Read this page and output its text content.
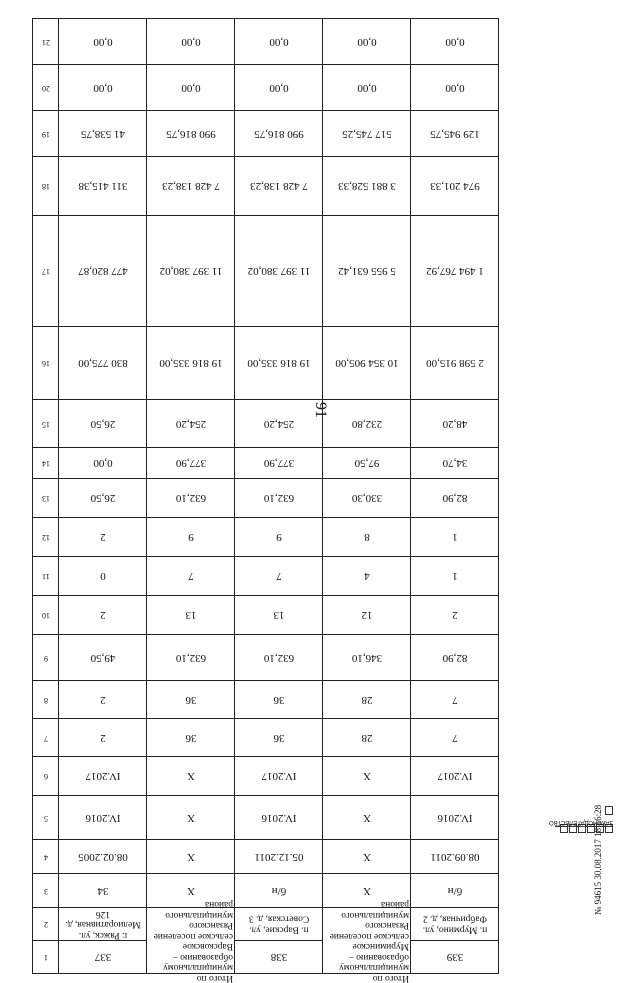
91
21	0,00	0,00	0,00	0,00	0,00

20	0,00	0,00	0,00	0,00	0,00

19	41 538,75	990 816,75	990 816,75	517 745,25	129 945,75

18	311 415,38	7 428 138,23	7 428 138,23	3 881 528,33	974 201,33

17	477 820,87	11 397 380,02	11 397 380,02	5 955 631,42	1 494 767,92

16	830 775,00	19 816 335,00	19 816 335,00	10 354 905,00	2 598 915,00

15	26,50	254,20	254,20	232,80	48,20

14	0,00	377,90	377,90	97,50	34,70

13	26,50	632,10	632,10	330,30	82,90

12	2	9	9	8	1

11	0	7	7	4	1

10	2	13	13	12	2

9	49,50	632,10	632,10	346,10	82,90

8	2	36	36	28	7

7	2	36	36	28	7

6	IV.2017	X	IV.2017	X	IV.2017

5	IV.2016	X	IV.2016	X	IV.2016

4	08.02.2005	X	05.12.2011	X	08.09.2011

3	34	X	б/н	X	б/н

2	г. Ряжск, ул. Мелиоративная, д. 126	Итого по муниципальному образованию – Варсковское сельское поселение Рязанского муниципального района	п. Варские, ул. Советская, д. 3	Итого по муниципальному образованию – Муриминское сельское поселение Рязанского муниципального района	п. Мурмино, ул. Фабричная, д. 2

1	337		338		339
ЗАКОНОДАТЕЛЬСТВО
№ 94615 30.08.2017 18:16:28
